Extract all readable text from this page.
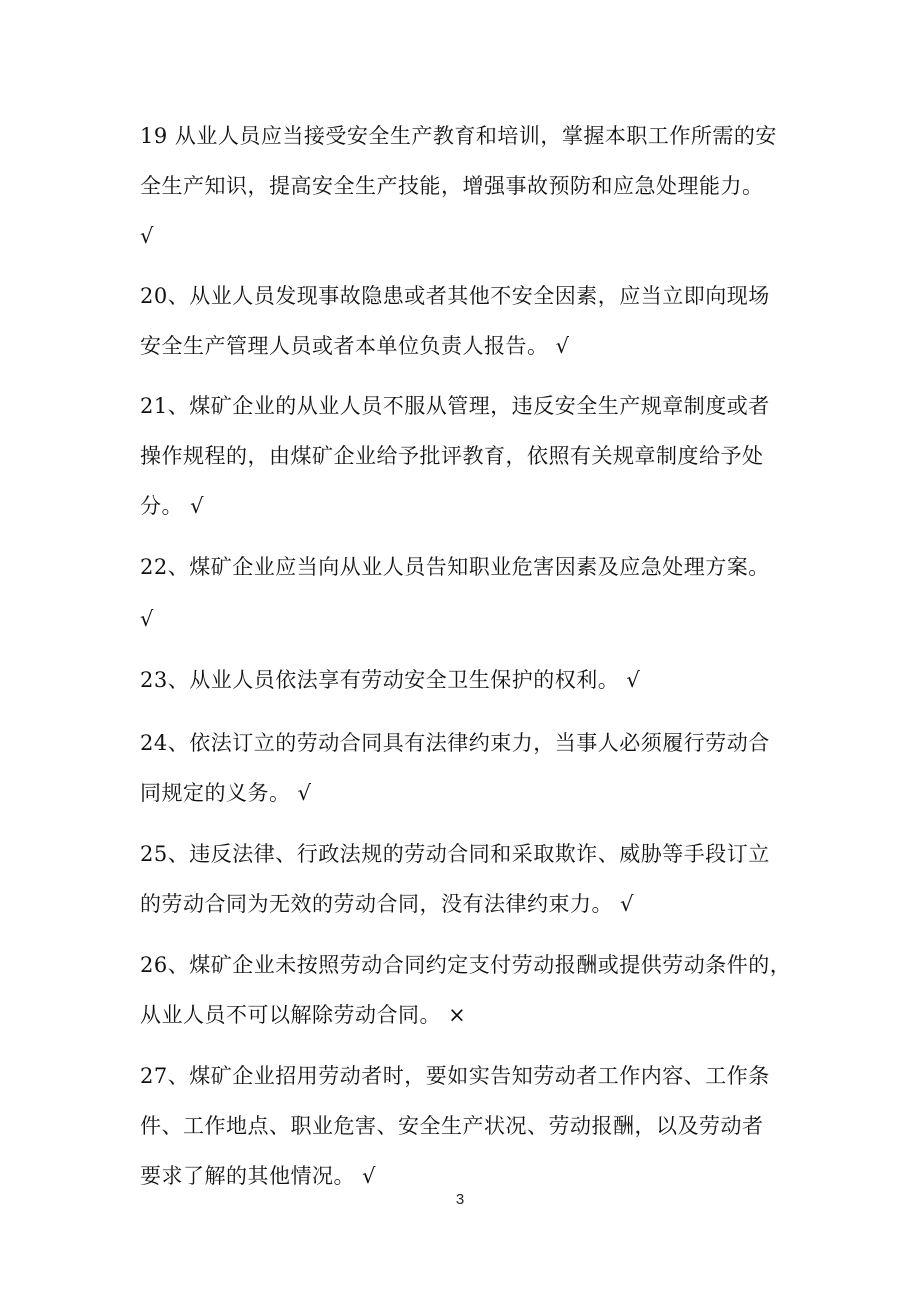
19 从业人员应当接受安全生产教育和培训，掌握本职工作所需的安
全生产知识，提高安全生产技能，增强事故预防和应急处理能力。
√
20、从业人员发现事故隐患或者其他不安全因素，应当立即向现场
安全生产管理人员或者本单位负责人报告。 √
21、煤矿企业的从业人员不服从管理，违反安全生产规章制度或者
操作规程的，由煤矿企业给予批评教育，依照有关规章制度给予处
分。 √
22、煤矿企业应当向从业人员告知职业危害因素及应急处理方案。
√
23、从业人员依法享有劳动安全卫生保护的权利。 √
24、依法订立的劳动合同具有法律约束力，当事人必须履行劳动合
同规定的义务。 √
25、违反法律、行政法规的劳动合同和采取欺诈、威胁等手段订立
的劳动合同为无效的劳动合同，没有法律约束力。 √
26、煤矿企业未按照劳动合同约定支付劳动报酬或提供劳动条件的，
从业人员不可以解除劳动合同。 ×
27、煤矿企业招用劳动者时，要如实告知劳动者工作内容、工作条
件、工作地点、职业危害、安全生产状况、劳动报酬，以及劳动者
要求了解的其他情况。 √
3
